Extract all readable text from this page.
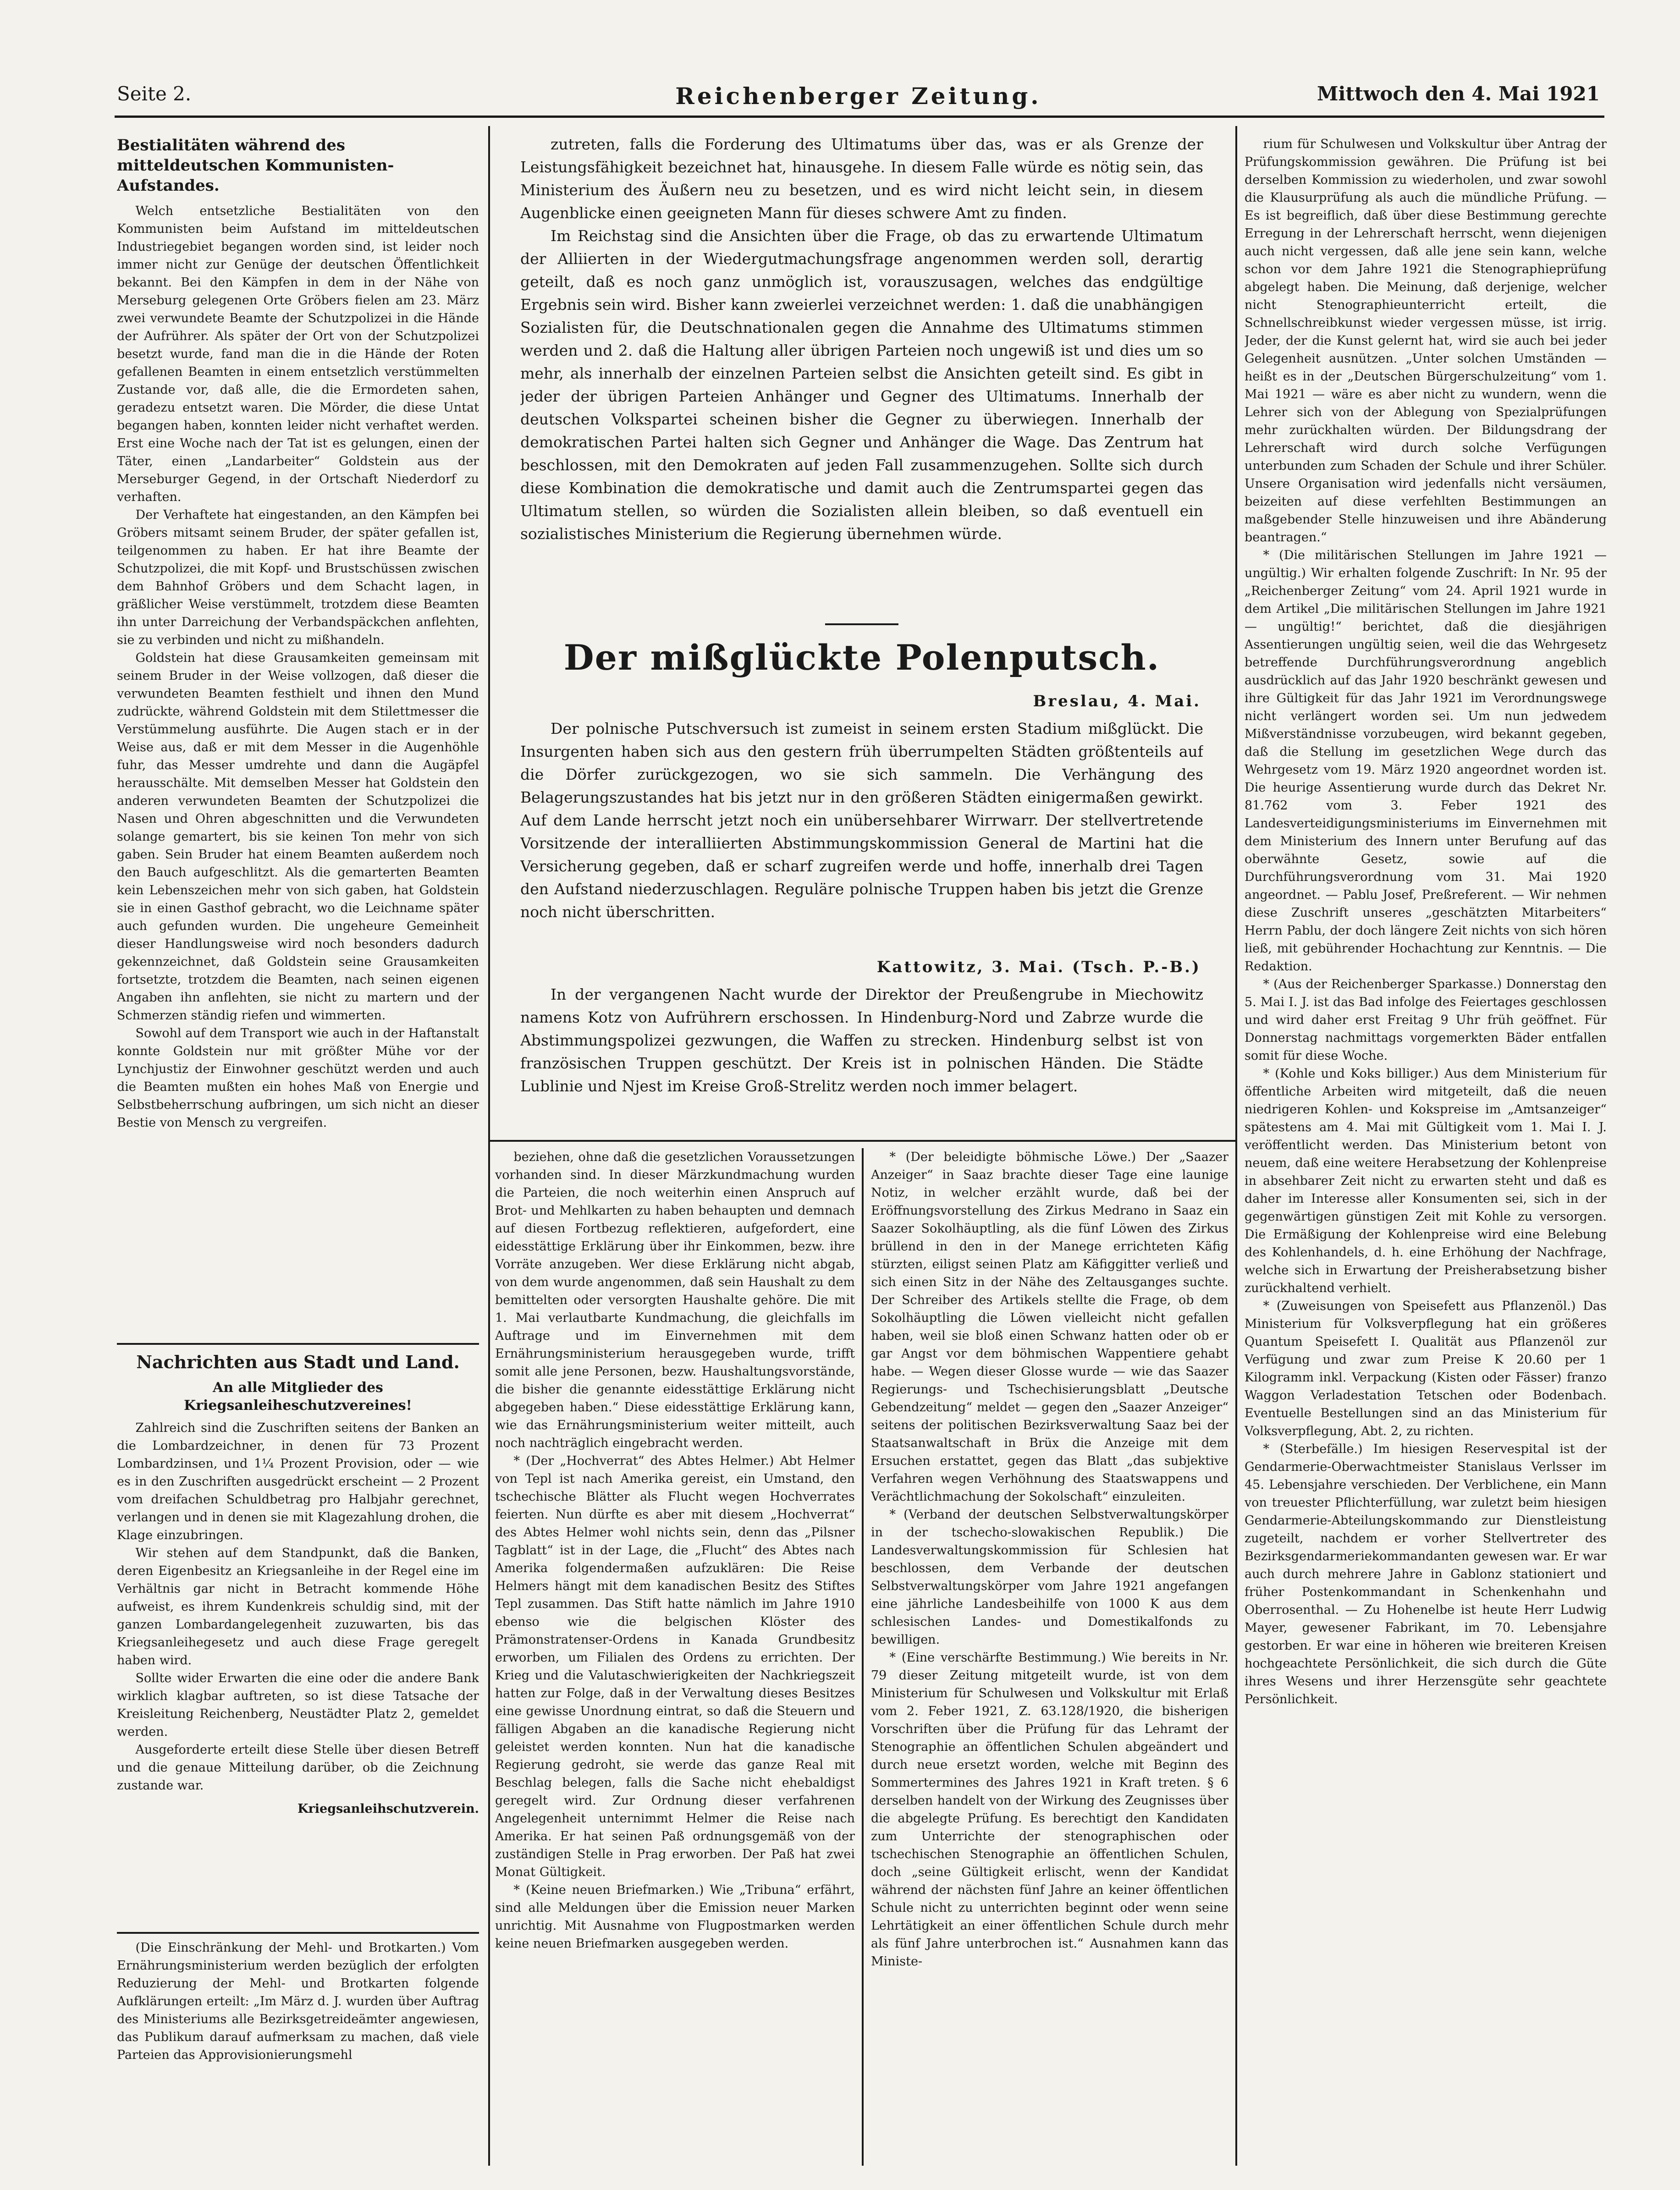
Seite 2.	Reichenberger Zeitung.	Mittwoch den 4. Mai 1921

Bestialitäten während des mitteldeutschen Kommunisten-Aufstandes.

Welch entsetzliche Bestialitäten von den Kommunisten beim Aufstand im mitteldeutschen Industriegebiet begangen worden sind, ist leider noch immer nicht zur Genüge der deutschen Öffentlichkeit bekannt. Bei den Kämpfen in dem in der Nähe von Merseburg gelegenen Orte Gröbers fielen am 23. März zwei verwundete Beamte der Schutzpolizei in die Hände der Aufrührer. Als später der Ort von der Schutzpolizei besetzt wurde, fand man die in die Hände der Roten gefallenen Beamten in einem entsetzlich verstümmelten Zustande vor, daß alle, die die Ermordeten sahen, geradezu entsetzt waren. Die Mörder, die diese Untat begangen haben, konnten leider nicht verhaftet werden. Erst eine Woche nach der Tat ist es gelungen, einen der Täter, einen „Landarbeiter“ Goldstein aus der Merseburger Gegend, in der Ortschaft Niederdorf zu verhaften.

Der Verhaftete hat eingestanden, an den Kämpfen bei Gröbers mitsamt seinem Bruder, der später gefallen ist, teilgenommen zu haben. Er hat ihre Beamte der Schutzpolizei, die mit Kopf- und Brustschüssen zwischen dem Bahnhof Gröbers und dem Schacht lagen, in gräßlicher Weise verstümmelt, trotzdem diese Beamten ihn unter Darreichung der Verbandspäckchen anflehten, sie zu verbinden und nicht zu mißhandeln.

Goldstein hat diese Grausamkeiten gemeinsam mit seinem Bruder in der Weise vollzogen, daß dieser die verwundeten Beamten festhielt und ihnen den Mund zudrückte, während Goldstein mit dem Stilettmesser die Verstümmelung ausführte. Die Augen stach er in der Weise aus, daß er mit dem Messer in die Augenhöhle fuhr, das Messer umdrehte und dann die Augäpfel herausschälte. Mit demselben Messer hat Goldstein den anderen verwundeten Beamten der Schutzpolizei die Nasen und Ohren abgeschnitten und die Verwundeten solange gemartert, bis sie keinen Ton mehr von sich gaben. Sein Bruder hat einem Beamten außerdem noch den Bauch aufgeschlitzt. Als die gemarterten Beamten kein Lebenszeichen mehr von sich gaben, hat Goldstein sie in einen Gasthof gebracht, wo die Leichname später auch gefunden wurden. Die ungeheure Gemeinheit dieser Handlungsweise wird noch besonders dadurch gekennzeichnet, daß Goldstein seine Grausamkeiten fortsetzte, trotzdem die Beamten, nach seinen eigenen Angaben ihn anflehten, sie nicht zu martern und der Schmerzen ständig riefen und wimmerten.

Sowohl auf dem Transport wie auch in der Haftanstalt konnte Goldstein nur mit größter Mühe vor der Lynchjustiz der Einwohner geschützt werden und auch die Beamten mußten ein hohes Maß von Energie und Selbstbeherrschung aufbringen, um sich nicht an dieser Bestie von Mensch zu vergreifen.

Nachrichten aus Stadt und Land.

An alle Mitglieder des Kriegsanleiheschutzvereines!

Zahlreich sind die Zuschriften seitens der Banken an die Lombardzeichner, in denen für 73 Prozent Lombardzinsen, und 1¼ Prozent Provision, oder — wie es in den Zuschriften ausgedrückt erscheint — 2 Prozent vom dreifachen Schuldbetrag pro Halbjahr gerechnet, verlangen und in denen sie mit Klagezahlung drohen, die Klage einzubringen.

Wir stehen auf dem Standpunkt, daß die Banken, deren Eigenbesitz an Kriegsanleihe in der Regel eine im Verhältnis gar nicht in Betracht kommende Höhe aufweist, es ihrem Kundenkreis schuldig sind, mit der ganzen Lombardangelegenheit zuzuwarten, bis das Kriegsanleihegesetz und auch diese Frage geregelt haben wird.

Sollte wider Erwarten die eine oder die andere Bank wirklich klagbar auftreten, so ist diese Tatsache der Kreisleitung Reichenberg, Neustädter Platz 2, gemeldet werden.

Ausgeforderte erteilt diese Stelle über diesen Betreff und die genaue Mitteilung darüber, ob die Zeichnung zustande war.

Kriegsanleihschutzverein.

(Die Einschränkung der Mehl- und Brotkarten.) Vom Ernährungsministerium werden bezüglich der erfolgten Reduzierung der Mehl- und Brotkarten folgende Aufklärungen erteilt: „Im März d. J. wurden über Auftrag des Ministeriums alle Bezirksgetreideämter angewiesen, das Publikum darauf aufmerksam zu machen, daß viele Parteien das Approvisionierungsmehl

zutreten, falls die Forderung des Ultimatums über das, was er als Grenze der Leistungsfähigkeit bezeichnet hat, hinausgehe. In diesem Falle würde es nötig sein, das Ministerium des Äußern neu zu besetzen, und es wird nicht leicht sein, in diesem Augenblicke einen geeigneten Mann für dieses schwere Amt zu finden.

Im Reichstag sind die Ansichten über die Frage, ob das zu erwartende Ultimatum der Alliierten in der Wiedergutmachungsfrage angenommen werden soll, derartig geteilt, daß es noch ganz unmöglich ist, vorauszusagen, welches das endgültige Ergebnis sein wird. Bisher kann zweierlei verzeichnet werden: 1. daß die unabhängigen Sozialisten für, die Deutschnationalen gegen die Annahme des Ultimatums stimmen werden und 2. daß die Haltung aller übrigen Parteien noch ungewiß ist und dies um so mehr, als innerhalb der einzelnen Parteien selbst die Ansichten geteilt sind. Es gibt in jeder der übrigen Parteien Anhänger und Gegner des Ultimatums. Innerhalb der deutschen Volkspartei scheinen bisher die Gegner zu überwiegen. Innerhalb der demokratischen Partei halten sich Gegner und Anhänger die Wage. Das Zentrum hat beschlossen, mit den Demokraten auf jeden Fall zusammenzugehen. Sollte sich durch diese Kombination die demokratische und damit auch die Zentrumspartei gegen das Ultimatum stellen, so würden die Sozialisten allein bleiben, so daß eventuell ein sozialistisches Ministerium die Regierung übernehmen würde.

Der mißglückte Polenputsch.
Breslau, 4. Mai.

Der polnische Putschversuch ist zumeist in seinem ersten Stadium mißglückt. Die Insurgenten haben sich aus den gestern früh überrumpelten Städten größtenteils auf die Dörfer zurückgezogen, wo sie sich sammeln. Die Verhängung des Belagerungszustandes hat bis jetzt nur in den größeren Städten einigermaßen gewirkt. Auf dem Lande herrscht jetzt noch ein unübersehbarer Wirrwarr. Der stellvertretende Vorsitzende der interalliierten Abstimmungskommission General de Martini hat die Versicherung gegeben, daß er scharf zugreifen werde und hoffe, innerhalb drei Tagen den Aufstand niederzuschlagen. Reguläre polnische Truppen haben bis jetzt die Grenze noch nicht überschritten.

Kattowitz, 3. Mai. (Tsch. P.-B.)

In der vergangenen Nacht wurde der Direktor der Preußengrube in Miechowitz namens Kotz von Aufrührern erschossen. In Hindenburg-Nord und Zabrze wurde die Abstimmungspolizei gezwungen, die Waffen zu strecken. Hindenburg selbst ist von französischen Truppen geschützt. Der Kreis ist in polnischen Händen. Die Städte Lublinie und Njest im Kreise Groß-Strelitz werden noch immer belagert.

beziehen, ohne daß die gesetzlichen Voraussetzungen vorhanden sind. In dieser Märzkundmachung wurden die Parteien, die noch weiterhin einen Anspruch auf Brot- und Mehlkarten zu haben behaupten und demnach auf diesen Fortbezug reflektieren, aufgefordert, eine eidesstättige Erklärung über ihr Einkommen, bezw. ihre Vorräte anzugeben. Wer diese Erklärung nicht abgab, von dem wurde angenommen, daß sein Haushalt zu dem bemittelten oder versorgten Haushalte gehöre. Die mit 1. Mai verlautbarte Kundmachung, die gleichfalls im Auftrage und im Einvernehmen mit dem Ernährungsministerium herausgegeben wurde, trifft somit alle jene Personen, bezw. Haushaltungsvorstände, die bisher die genannte eidesstättige Erklärung nicht abgegeben haben.“ Diese eidesstättige Erklärung kann, wie das Ernährungsministerium weiter mitteilt, auch noch nachträglich eingebracht werden.

* (Der „Hochverrat“ des Abtes Helmer.) Abt Helmer von Tepl ist nach Amerika gereist, ein Umstand, den tschechische Blätter als Flucht wegen Hochverrates feierten. Nun dürfte es aber mit diesem „Hochverrat“ des Abtes Helmer wohl nichts sein, denn das „Pilsner Tagblatt“ ist in der Lage, die „Flucht“ des Abtes nach Amerika folgendermaßen aufzuklären: Die Reise Helmers hängt mit dem kanadischen Besitz des Stiftes Tepl zusammen. Das Stift hatte nämlich im Jahre 1910 ebenso wie die belgischen Klöster des Prämonstratenser-Ordens in Kanada Grundbesitz erworben, um Filialen des Ordens zu errichten. Der Krieg und die Valutaschwierigkeiten der Nachkriegszeit hatten zur Folge, daß in der Verwaltung dieses Besitzes eine gewisse Unordnung eintrat, so daß die Steuern und fälligen Abgaben an die kanadische Regierung nicht geleistet werden konnten. Nun hat die kanadische Regierung gedroht, sie werde das ganze Real mit Beschlag belegen, falls die Sache nicht ehebaldigst geregelt wird. Zur Ordnung dieser verfahrenen Angelegenheit unternimmt Helmer die Reise nach Amerika. Er hat seinen Paß ordnungsgemäß von der zuständigen Stelle in Prag erworben. Der Paß hat zwei Monat Gültigkeit.

* (Keine neuen Briefmarken.) Wie „Tribuna“ erfährt, sind alle Meldungen über die Emission neuer Marken unrichtig. Mit Ausnahme von Flugpostmarken werden keine neuen Briefmarken ausgegeben werden.

* (Der beleidigte böhmische Löwe.) Der „Saazer Anzeiger“ in Saaz brachte dieser Tage eine launige Notiz, in welcher erzählt wurde, daß bei der Eröffnungsvorstellung des Zirkus Medrano in Saaz ein Saazer Sokolhäuptling, als die fünf Löwen des Zirkus brüllend in den in der Manege errichteten Käfig stürzten, eiligst seinen Platz am Käfiggitter verließ und sich einen Sitz in der Nähe des Zeltausganges suchte. Der Schreiber des Artikels stellte die Frage, ob dem Sokolhäuptling die Löwen vielleicht nicht gefallen haben, weil sie bloß einen Schwanz hatten oder ob er gar Angst vor dem böhmischen Wappentiere gehabt habe. — Wegen dieser Glosse wurde — wie das Saazer Regierungs- und Tschechisierungsblatt „Deutsche Gebendzeitung“ meldet — gegen den „Saazer Anzeiger“ seitens der politischen Bezirksverwaltung Saaz bei der Staatsanwaltschaft in Brüx die Anzeige mit dem Ersuchen erstattet, gegen das Blatt „das subjektive Verfahren wegen Verhöhnung des Staatswappens und Verächtlichmachung der Sokolschaft“ einzuleiten.

* (Verband der deutschen Selbstverwaltungskörper in der tschecho-slowakischen Republik.) Die Landesverwaltungskommission für Schlesien hat beschlossen, dem Verbande der deutschen Selbstverwaltungskörper vom Jahre 1921 angefangen eine jährliche Landesbeihilfe von 1000 K aus dem schlesischen Landes- und Domestikalfonds zu bewilligen.

* (Eine verschärfte Bestimmung.) Wie bereits in Nr. 79 dieser Zeitung mitgeteilt wurde, ist von dem Ministerium für Schulwesen und Volkskultur mit Erlaß vom 2. Feber 1921, Z. 63.128/1920, die bisherigen Vorschriften über die Prüfung für das Lehramt der Stenographie an öffentlichen Schulen abgeändert und durch neue ersetzt worden, welche mit Beginn des Sommertermines des Jahres 1921 in Kraft treten. § 6 derselben handelt von der Wirkung des Zeugnisses über die abgelegte Prüfung. Es berechtigt den Kandidaten zum Unterrichte der stenographischen oder tschechischen Stenographie an öffentlichen Schulen, doch „seine Gültigkeit erlischt, wenn der Kandidat während der nächsten fünf Jahre an keiner öffentlichen Schule nicht zu unterrichten beginnt oder wenn seine Lehrtätigkeit an einer öffentlichen Schule durch mehr als fünf Jahre unterbrochen ist.“ Ausnahmen kann das Ministe-

rium für Schulwesen und Volkskultur über Antrag der Prüfungskommission gewähren. Die Prüfung ist bei derselben Kommission zu wiederholen, und zwar sowohl die Klausurprüfung als auch die mündliche Prüfung. — Es ist begreiflich, daß über diese Bestimmung gerechte Erregung in der Lehrerschaft herrscht, wenn diejenigen auch nicht vergessen, daß alle jene sein kann, welche schon vor dem Jahre 1921 die Stenographieprüfung abgelegt haben. Die Meinung, daß derjenige, welcher nicht Stenographieunterricht erteilt, die Schnellschreibkunst wieder vergessen müsse, ist irrig. Jeder, der die Kunst gelernt hat, wird sie auch bei jeder Gelegenheit ausnützen. „Unter solchen Umständen — heißt es in der „Deutschen Bürgerschulzeitung“ vom 1. Mai 1921 — wäre es aber nicht zu wundern, wenn die Lehrer sich von der Ablegung von Spezialprüfungen mehr zurückhalten würden. Der Bildungsdrang der Lehrerschaft wird durch solche Verfügungen unterbunden zum Schaden der Schule und ihrer Schüler. Unsere Organisation wird jedenfalls nicht versäumen, beizeiten auf diese verfehlten Bestimmungen an maßgebender Stelle hinzuweisen und ihre Abänderung beantragen.“

* (Die militärischen Stellungen im Jahre 1921 — ungültig.) Wir erhalten folgende Zuschrift: In Nr. 95 der „Reichenberger Zeitung“ vom 24. April 1921 wurde in dem Artikel „Die militärischen Stellungen im Jahre 1921 — ungültig!“ berichtet, daß die diesjährigen Assentierungen ungültig seien, weil die das Wehrgesetz betreffende Durchführungsverordnung angeblich ausdrücklich auf das Jahr 1920 beschränkt gewesen und ihre Gültigkeit für das Jahr 1921 im Verordnungswege nicht verlängert worden sei. Um nun jedwedem Mißverständnisse vorzubeugen, wird bekannt gegeben, daß die Stellung im gesetzlichen Wege durch das Wehrgesetz vom 19. März 1920 angeordnet worden ist. Die heurige Assentierung wurde durch das Dekret Nr. 81.762 vom 3. Feber 1921 des Landesverteidigungsministeriums im Einvernehmen mit dem Ministerium des Innern unter Berufung auf das oberwähnte Gesetz, sowie auf die Durchführungsverordnung vom 31. Mai 1920 angeordnet. — Pablu Josef, Preßreferent. — Wir nehmen diese Zuschrift unseres „geschätzten Mitarbeiters“ Herrn Pablu, der doch längere Zeit nichts von sich hören ließ, mit gebührender Hochachtung zur Kenntnis. — Die Redaktion.

* (Aus der Reichenberger Sparkasse.) Donnerstag den 5. Mai I. J. ist das Bad infolge des Feiertages geschlossen und wird daher erst Freitag 9 Uhr früh geöffnet. Für Donnerstag nachmittags vorgemerkten Bäder entfallen somit für diese Woche.

* (Kohle und Koks billiger.) Aus dem Ministerium für öffentliche Arbeiten wird mitgeteilt, daß die neuen niedrigeren Kohlen- und Kokspreise im „Amtsanzeiger“ spätestens am 4. Mai mit Gültigkeit vom 1. Mai I. J. veröffentlicht werden. Das Ministerium betont von neuem, daß eine weitere Herabsetzung der Kohlenpreise in absehbarer Zeit nicht zu erwarten steht und daß es daher im Interesse aller Konsumenten sei, sich in der gegenwärtigen günstigen Zeit mit Kohle zu versorgen. Die Ermäßigung der Kohlenpreise wird eine Belebung des Kohlenhandels, d. h. eine Erhöhung der Nachfrage, welche sich in Erwartung der Preisherabsetzung bisher zurückhaltend verhielt.

* (Zuweisungen von Speisefett aus Pflanzenöl.) Das Ministerium für Volksverpflegung hat ein größeres Quantum Speisefett I. Qualität aus Pflanzenöl zur Verfügung und zwar zum Preise K 20.60 per 1 Kilogramm inkl. Verpackung (Kisten oder Fässer) franzo Waggon Verladestation Tetschen oder Bodenbach. Eventuelle Bestellungen sind an das Ministerium für Volksverpflegung, Abt. 2, zu richten.

* (Sterbefälle.) Im hiesigen Reservespital ist der Gendarmerie-Oberwachtmeister Stanislaus Verlsser im 45. Lebensjahre verschieden. Der Verblichene, ein Mann von treuester Pflichterfüllung, war zuletzt beim hiesigen Gendarmerie-Abteilungskommando zur Dienstleistung zugeteilt, nachdem er vorher Stellvertreter des Bezirksgendarmeriekommandanten gewesen war. Er war auch durch mehrere Jahre in Gablonz stationiert und früher Postenkommandant in Schenkenhahn und Oberrosenthal. — Zu Hohenelbe ist heute Herr Ludwig Mayer, gewesener Fabrikant, im 70. Lebensjahre gestorben. Er war eine in höheren wie breiteren Kreisen hochgeachtete Persönlichkeit, die sich durch die Güte ihres Wesens und ihrer Herzensgüte sehr geachtete Persönlichkeit.
